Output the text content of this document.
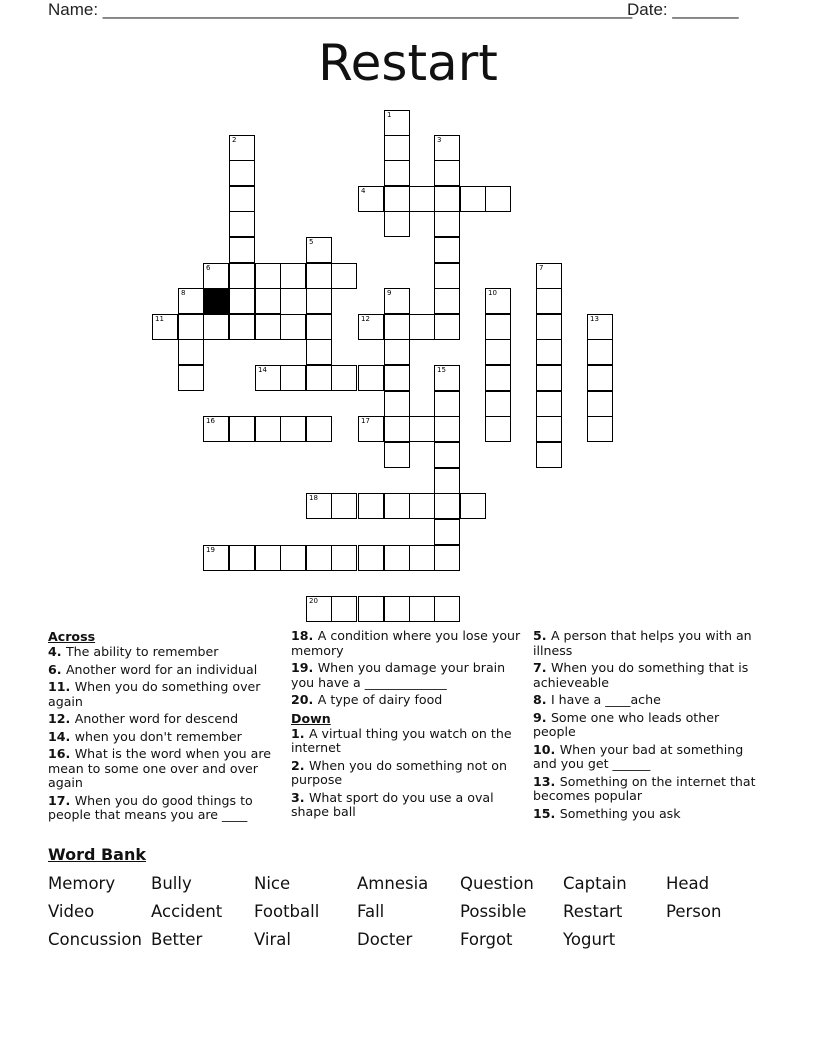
Name: ________________________________________________________
Date: _______
Restart
1
2	3
4
5
6	7
8	9	10
11	12	13
14	15
16	17
18
19
20
Across
4. The ability to remember
6. Another word for an individual
11. When you do something over again
12. Another word for descend
14. when you don't remember
16. What is the word when you are mean to some one over and over again
17. When you do good things to people that means you are ____
18. A condition where you lose your memory
19. When you damage your brain you have a _____________
20. A type of dairy food
Down
1. A virtual thing you watch on the internet
2. When you do something not on purpose
3. What sport do you use a oval shape ball
5. A person that helps you with an illness
7. When you do something that is achieveable
8. I have a ____ache
9. Some one who leads other people
10. When your bad at something and you get ______
13. Something on the internet that becomes popular
15. Something you ask
Word Bank
Memory Bully	Nice	Amnesia Question Captain Head
Video	Accident Football Fall	Possible Restart	Person
Concussion Better	Viral	Docter	Forgot	Yogurt
